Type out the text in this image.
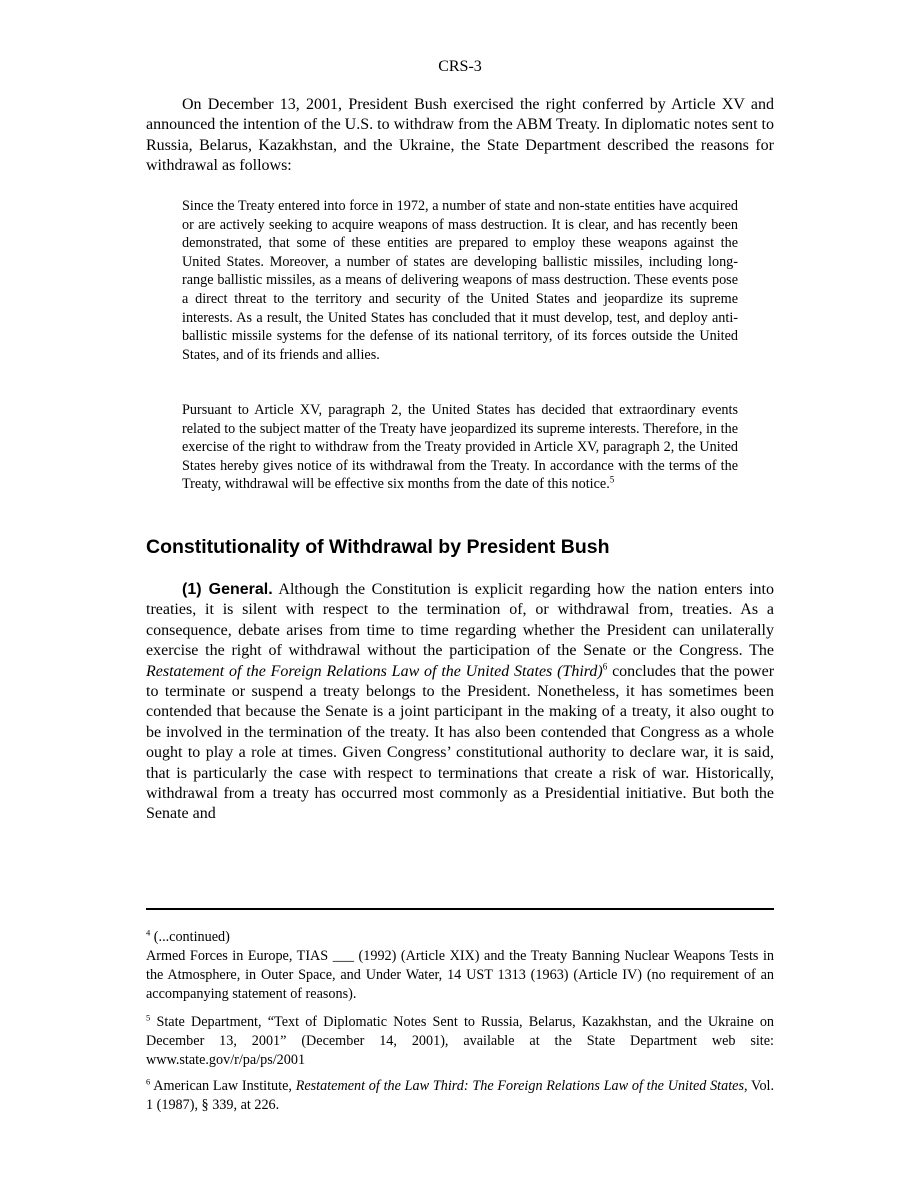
CRS-3

On December 13, 2001, President Bush exercised the right conferred by Article XV and announced the intention of the U.S. to withdraw from the ABM Treaty. In diplomatic notes sent to Russia, Belarus, Kazakhstan, and the Ukraine, the State Department described the reasons for withdrawal as follows:

Since the Treaty entered into force in 1972, a number of state and non-state entities have acquired or are actively seeking to acquire weapons of mass destruction. It is clear, and has recently been demonstrated, that some of these entities are prepared to employ these weapons against the United States. Moreover, a number of states are developing ballistic missiles, including long-range ballistic missiles, as a means of delivering weapons of mass destruction. These events pose a direct threat to the territory and security of the United States and jeopardize its supreme interests. As a result, the United States has concluded that it must develop, test, and deploy anti-ballistic missile systems for the defense of its national territory, of its forces outside the United States, and of its friends and allies.

Pursuant to Article XV, paragraph 2, the United States has decided that extraordinary events related to the subject matter of the Treaty have jeopardized its supreme interests. Therefore, in the exercise of the right to withdraw from the Treaty provided in Article XV, paragraph 2, the United States hereby gives notice of its withdrawal from the Treaty. In accordance with the terms of the Treaty, withdrawal will be effective six months from the date of this notice.$^5$

Constitutionality of Withdrawal by President Bush

(1) General. Although the Constitution is explicit regarding how the nation enters into treaties, it is silent with respect to the termination of, or withdrawal from, treaties. As a consequence, debate arises from time to time regarding whether the President can unilaterally exercise the right of withdrawal without the participation of the Senate or the Congress. The Restatement of the Foreign Relations Law of the United States (Third)$^6$ concludes that the power to terminate or suspend a treaty belongs to the President. Nonetheless, it has sometimes been contended that because the Senate is a joint participant in the making of a treaty, it also ought to be involved in the termination of the treaty. It has also been contended that Congress as a whole ought to play a role at times. Given Congress’ constitutional authority to declare war, it is said, that is particularly the case with respect to terminations that create a risk of war. Historically, withdrawal from a treaty has occurred most commonly as a Presidential initiative. But both the Senate and

$^4$ (...continued)
Armed Forces in Europe, TIAS ___ (1992) (Article XIX) and the Treaty Banning Nuclear Weapons Tests in the Atmosphere, in Outer Space, and Under Water, 14 UST 1313 (1963) (Article IV) (no requirement of an accompanying statement of reasons).

$^5$ State Department, “Text of Diplomatic Notes Sent to Russia, Belarus, Kazakhstan, and the Ukraine on December 13, 2001” (December 14, 2001), available at the State Department web site: www.state.gov/r/pa/ps/2001

$^6$ American Law Institute, Restatement of the Law Third: The Foreign Relations Law of the United States, Vol. 1 (1987), § 339, at 226.
